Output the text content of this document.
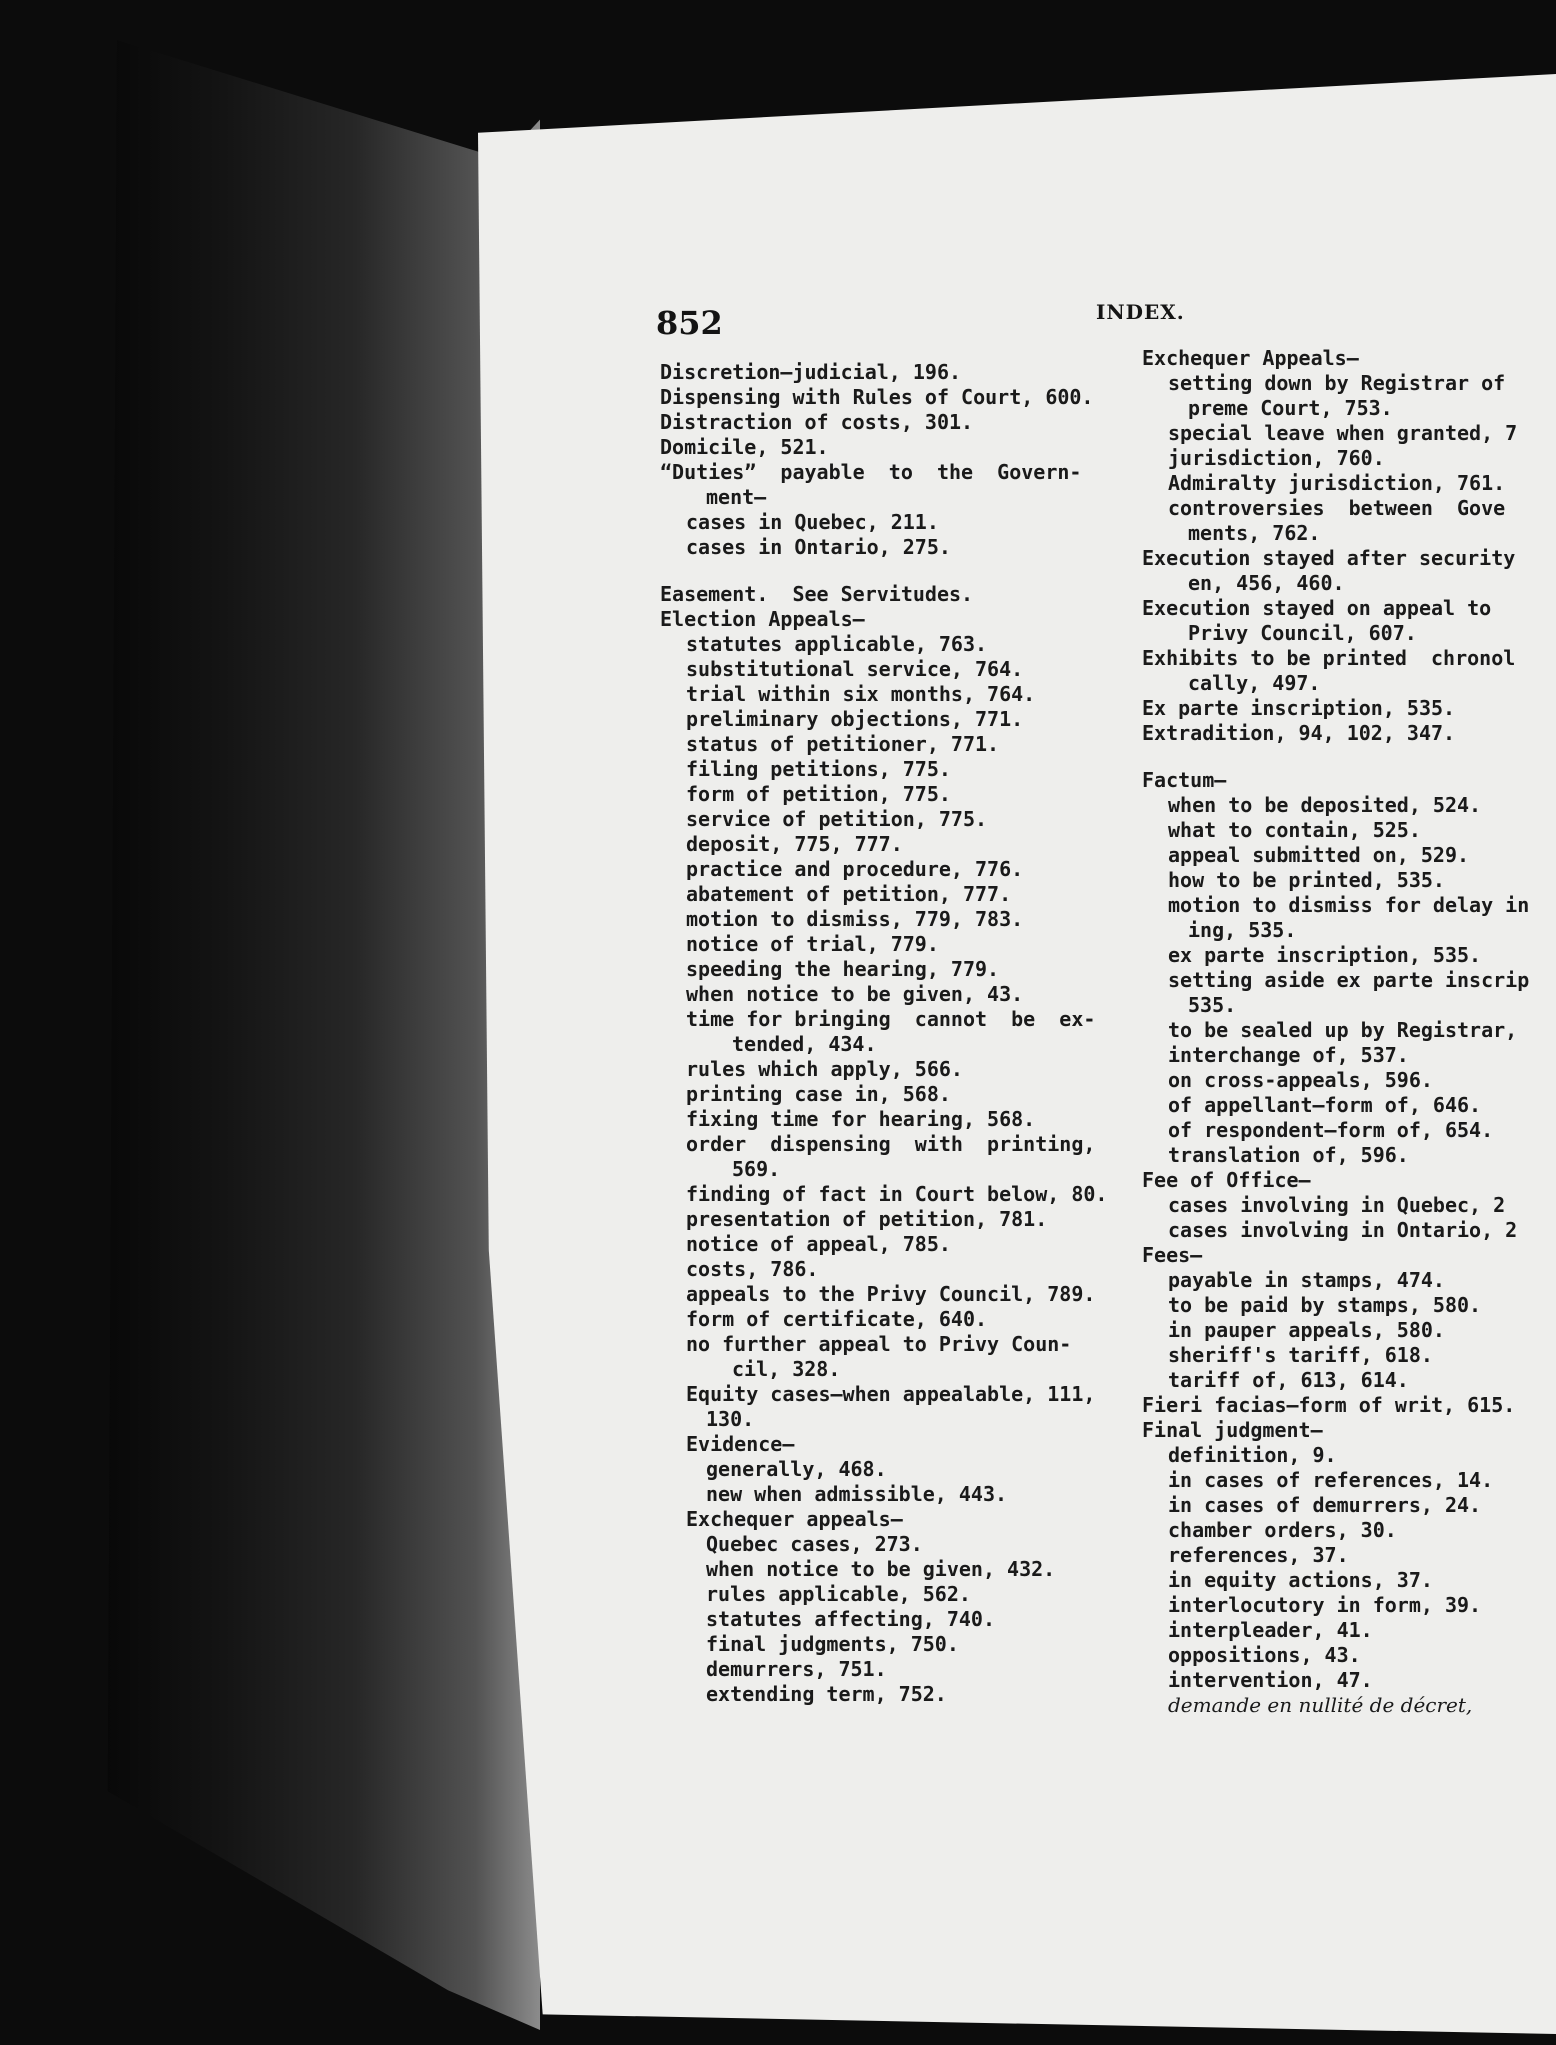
852	INDEX.
Discretion—judicial, 196.
Dispensing with Rules of Court, 600.
Distraction of costs, 301.
Domicile, 521.
“Duties”  payable  to  the  Govern-
ment—
cases in Quebec, 211.
cases in Ontario, 275.
Easement.  See Servitudes.
Election Appeals—
statutes applicable, 763.
substitutional service, 764.
trial within six months, 764.
preliminary objections, 771.
status of petitioner, 771.
filing petitions, 775.
form of petition, 775.
service of petition, 775.
deposit, 775, 777.
practice and procedure, 776.
abatement of petition, 777.
motion to dismiss, 779, 783.
notice of trial, 779.
speeding the hearing, 779.
when notice to be given, 43.
time for bringing  cannot  be  ex-
tended, 434.
rules which apply, 566.
printing case in, 568.
fixing time for hearing, 568.
order  dispensing  with  printing,
569.
finding of fact in Court below, 80.
presentation of petition, 781.
notice of appeal, 785.
costs, 786.
appeals to the Privy Council, 789.
form of certificate, 640.
no further appeal to Privy Coun-
cil, 328.
Equity cases—when appealable, 111,
130.
Evidence—
generally, 468.
new when admissible, 443.
Exchequer appeals—
Quebec cases, 273.
when notice to be given, 432.
rules applicable, 562.
statutes affecting, 740.
final judgments, 750.
demurrers, 751.
extending term, 752.
Exchequer Appeals—
setting down by Registrar of
preme Court, 753.
special leave when granted, 7
jurisdiction, 760.
Admiralty jurisdiction, 761.
controversies  between  Gove
ments, 762.
Execution stayed after security
en, 456, 460.
Execution stayed on appeal to
Privy Council, 607.
Exhibits to be printed  chronol
cally, 497.
Ex parte inscription, 535.
Extradition, 94, 102, 347.
Factum—
when to be deposited, 524.
what to contain, 525.
appeal submitted on, 529.
how to be printed, 535.
motion to dismiss for delay in
ing, 535.
ex parte inscription, 535.
setting aside ex parte inscrip
535.
to be sealed up by Registrar,
interchange of, 537.
on cross-appeals, 596.
of appellant—form of, 646.
of respondent—form of, 654.
translation of, 596.
Fee of Office—
cases involving in Quebec, 2
cases involving in Ontario, 2
Fees—
payable in stamps, 474.
to be paid by stamps, 580.
in pauper appeals, 580.
sheriff's tariff, 618.
tariff of, 613, 614.
Fieri facias—form of writ, 615.
Final judgment—
definition, 9.
in cases of references, 14.
in cases of demurrers, 24.
chamber orders, 30.
references, 37.
in equity actions, 37.
interlocutory in form, 39.
interpleader, 41.
oppositions, 43.
intervention, 47.
demande en nullité de décret,
